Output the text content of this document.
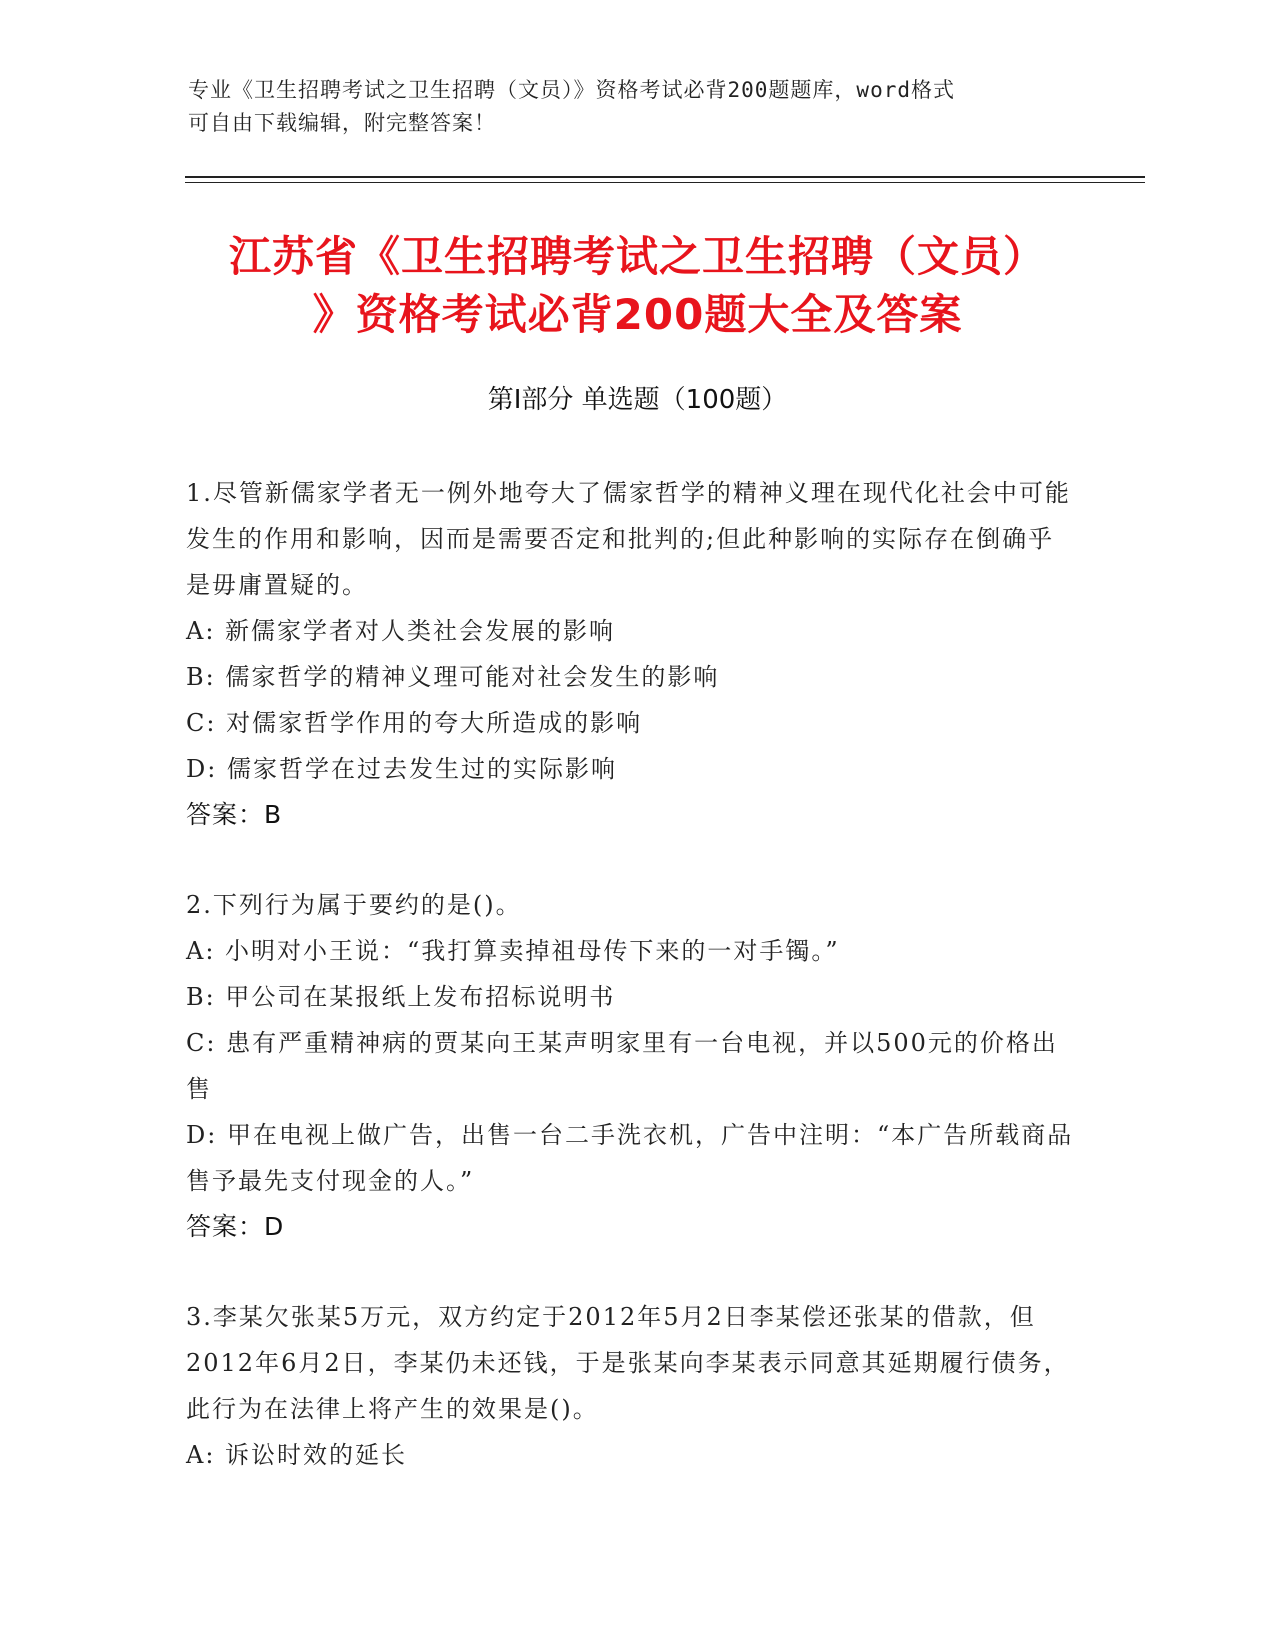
专业《卫生招聘考试之卫生招聘（文员）》资格考试必背200题题库，word格式
可自由下载编辑，附完整答案！
江苏省《卫生招聘考试之卫生招聘（文员）
》资格考试必背200题大全及答案
第Ⅰ部分 单选题（100题）

1.尽管新儒家学者无一例外地夸大了儒家哲学的精神义理在现代化社会中可能发生的作用和影响，因而是需要否定和批判的;但此种影响的实际存在倒确乎是毋庸置疑的。

A: 新儒家学者对人类社会发展的影响

B: 儒家哲学的精神义理可能对社会发生的影响

C: 对儒家哲学作用的夸大所造成的影响

D: 儒家哲学在过去发生过的实际影响

答案：B

2.下列行为属于要约的是()。

A: 小明对小王说：“我打算卖掉祖母传下来的一对手镯。”

B: 甲公司在某报纸上发布招标说明书

C: 患有严重精神病的贾某向王某声明家里有一台电视，并以500元的价格出售

D: 甲在电视上做广告，出售一台二手洗衣机，广告中注明：“本广告所载商品售予最先支付现金的人。”

答案：D

3.李某欠张某5万元，双方约定于2012年5月2日李某偿还张某的借款，但2012年6月2日，李某仍未还钱，于是张某向李某表示同意其延期履行债务，此行为在法律上将产生的效果是()。

A: 诉讼时效的延长
